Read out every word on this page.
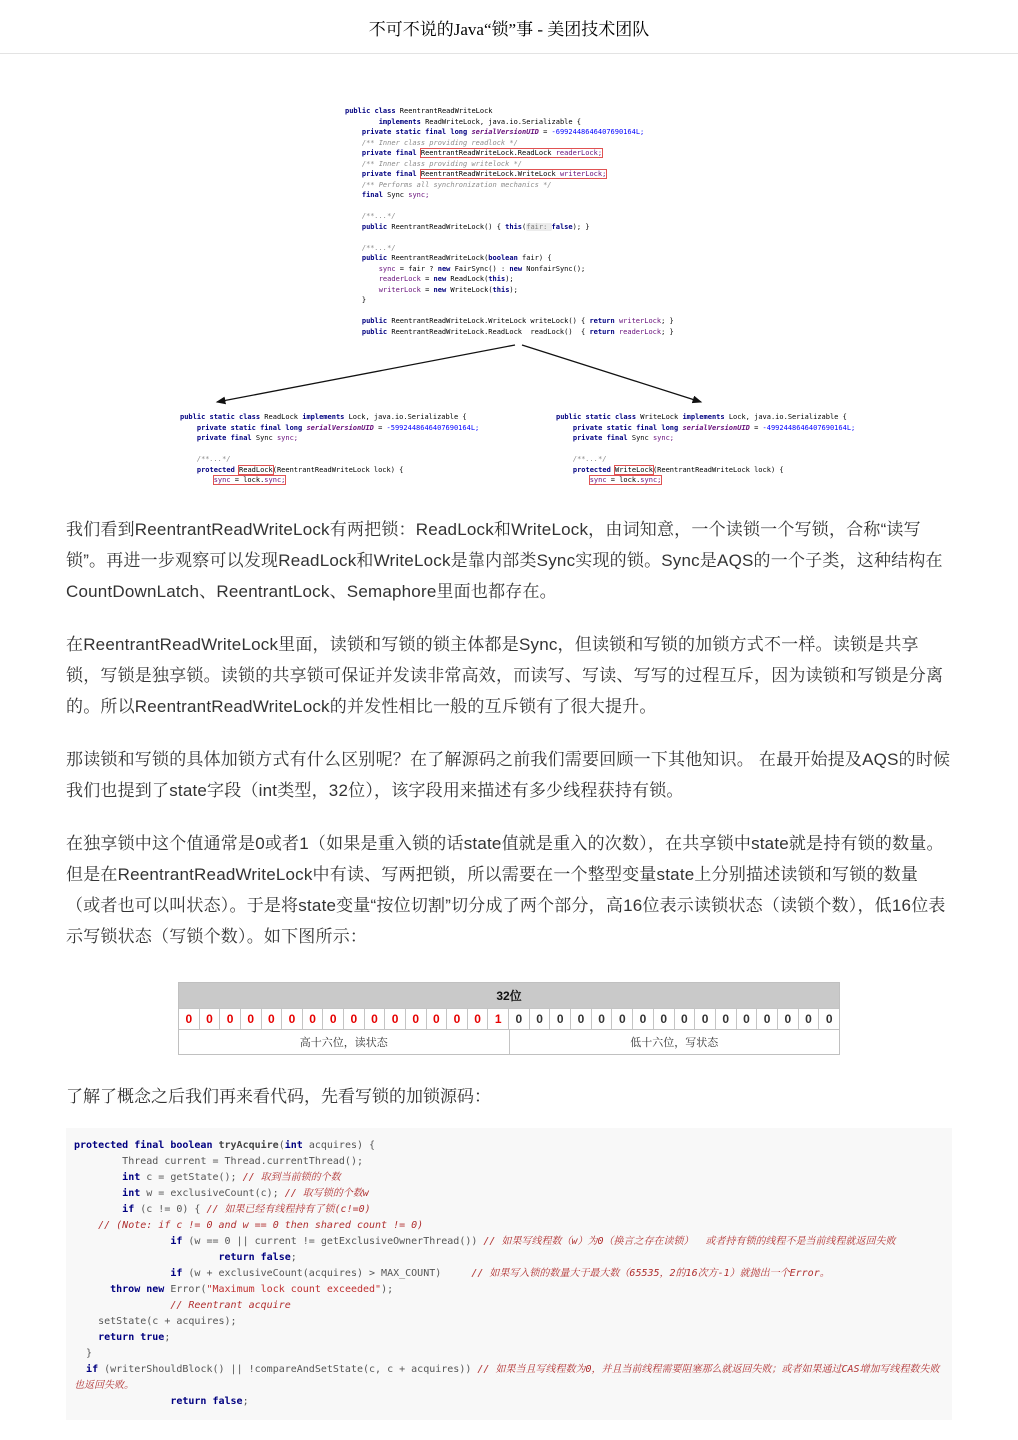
不可不说的Java“锁”事 - 美团技术团队
public class ReentrantReadWriteLock
implements ReadWriteLock, java.io.Serializable {
private static final long serialVersionUID = -6992448646407690164L;
/** Inner class providing readlock */
private final ReentrantReadWriteLock.ReadLock readerLock;
/** Inner class providing writelock */
private final ReentrantReadWriteLock.WriteLock writerLock;
/** Performs all synchronization mechanics */
final Sync sync;

/**...*/
public ReentrantReadWriteLock() { this(fair: false); }

/**...*/
public ReentrantReadWriteLock(boolean fair) {
sync = fair ? new FairSync() : new NonfairSync();
readerLock = new ReadLock(this);
writerLock = new WriteLock(this);
}

public ReentrantReadWriteLock.WriteLock writeLock() { return writerLock; }
public ReentrantReadWriteLock.ReadLock  readLock()  { return readerLock; }
public static class ReadLock implements Lock, java.io.Serializable {
private static final long serialVersionUID = -5992448646407690164L;
private final Sync sync;

/**...*/
protected ReadLock(ReentrantReadWriteLock lock) {
sync = lock.sync;
public static class WriteLock implements Lock, java.io.Serializable {
private static final long serialVersionUID = -4992448646407690164L;
private final Sync sync;

/**...*/
protected WriteLock(ReentrantReadWriteLock lock) {
sync = lock.sync;

我们看到ReentrantReadWriteLock有两把锁：ReadLock和WriteLock，由词知意，一个读锁一个写锁，合称“读写锁”。再进一步观察可以发现ReadLock和WriteLock是靠内部类Sync实现的锁。Sync是AQS的一个子类，这种结构在CountDownLatch、ReentrantLock、Semaphore里面也都存在。

在ReentrantReadWriteLock里面，读锁和写锁的锁主体都是Sync，但读锁和写锁的加锁方式不一样。读锁是共享锁，写锁是独享锁。读锁的共享锁可保证并发读非常高效，而读写、写读、写写的过程互斥，因为读锁和写锁是分离的。所以ReentrantReadWriteLock的并发性相比一般的互斥锁有了很大提升。

那读锁和写锁的具体加锁方式有什么区别呢？在了解源码之前我们需要回顾一下其他知识。 在最开始提及AQS的时候我们也提到了state字段（int类型，32位），该字段用来描述有多少线程获持有锁。

在独享锁中这个值通常是0或者1（如果是重入锁的话state值就是重入的次数），在共享锁中state就是持有锁的数量。但是在ReentrantReadWriteLock中有读、写两把锁，所以需要在一个整型变量state上分别描述读锁和写锁的数量（或者也可以叫状态）。于是将state变量“按位切割”切分成了两个部分，高16位表示读锁状态（读锁个数），低16位表示写锁状态（写锁个数）。如下图所示：

32位
0	0	0	0	0	0	0	0	0	0	0	0	0	0	0	1	0	0	0	0	0	0	0	0	0	0	0	0	0	0	0	0
高十六位，读状态	低十六位，写状态

了解了概念之后我们再来看代码，先看写锁的加锁源码：

protected final boolean tryAcquire(int acquires) {
Thread current = Thread.currentThread();
int c = getState(); // 取到当前锁的个数
int w = exclusiveCount(c); // 取写锁的个数w
if (c != 0) { // 如果已经有线程持有了锁(c!=0)
// (Note: if c != 0 and w == 0 then shared count != 0)
if (w == 0 || current != getExclusiveOwnerThread()) // 如果写线程数（w）为0（换言之存在读锁）  或者持有锁的线程不是当前线程就返回失败
return false;
if (w + exclusiveCount(acquires) > MAX_COUNT)     // 如果写入锁的数量大于最大数（65535，2的16次方-1）就抛出一个Error。
throw new Error("Maximum lock count exceeded");
// Reentrant acquire
setState(c + acquires);
return true;
}
if (writerShouldBlock() || !compareAndSetState(c, c + acquires)) // 如果当且写线程数为0，并且当前线程需要阻塞那么就返回失败；或者如果通过CAS增加写线程数失败也返回失败。
return false;
